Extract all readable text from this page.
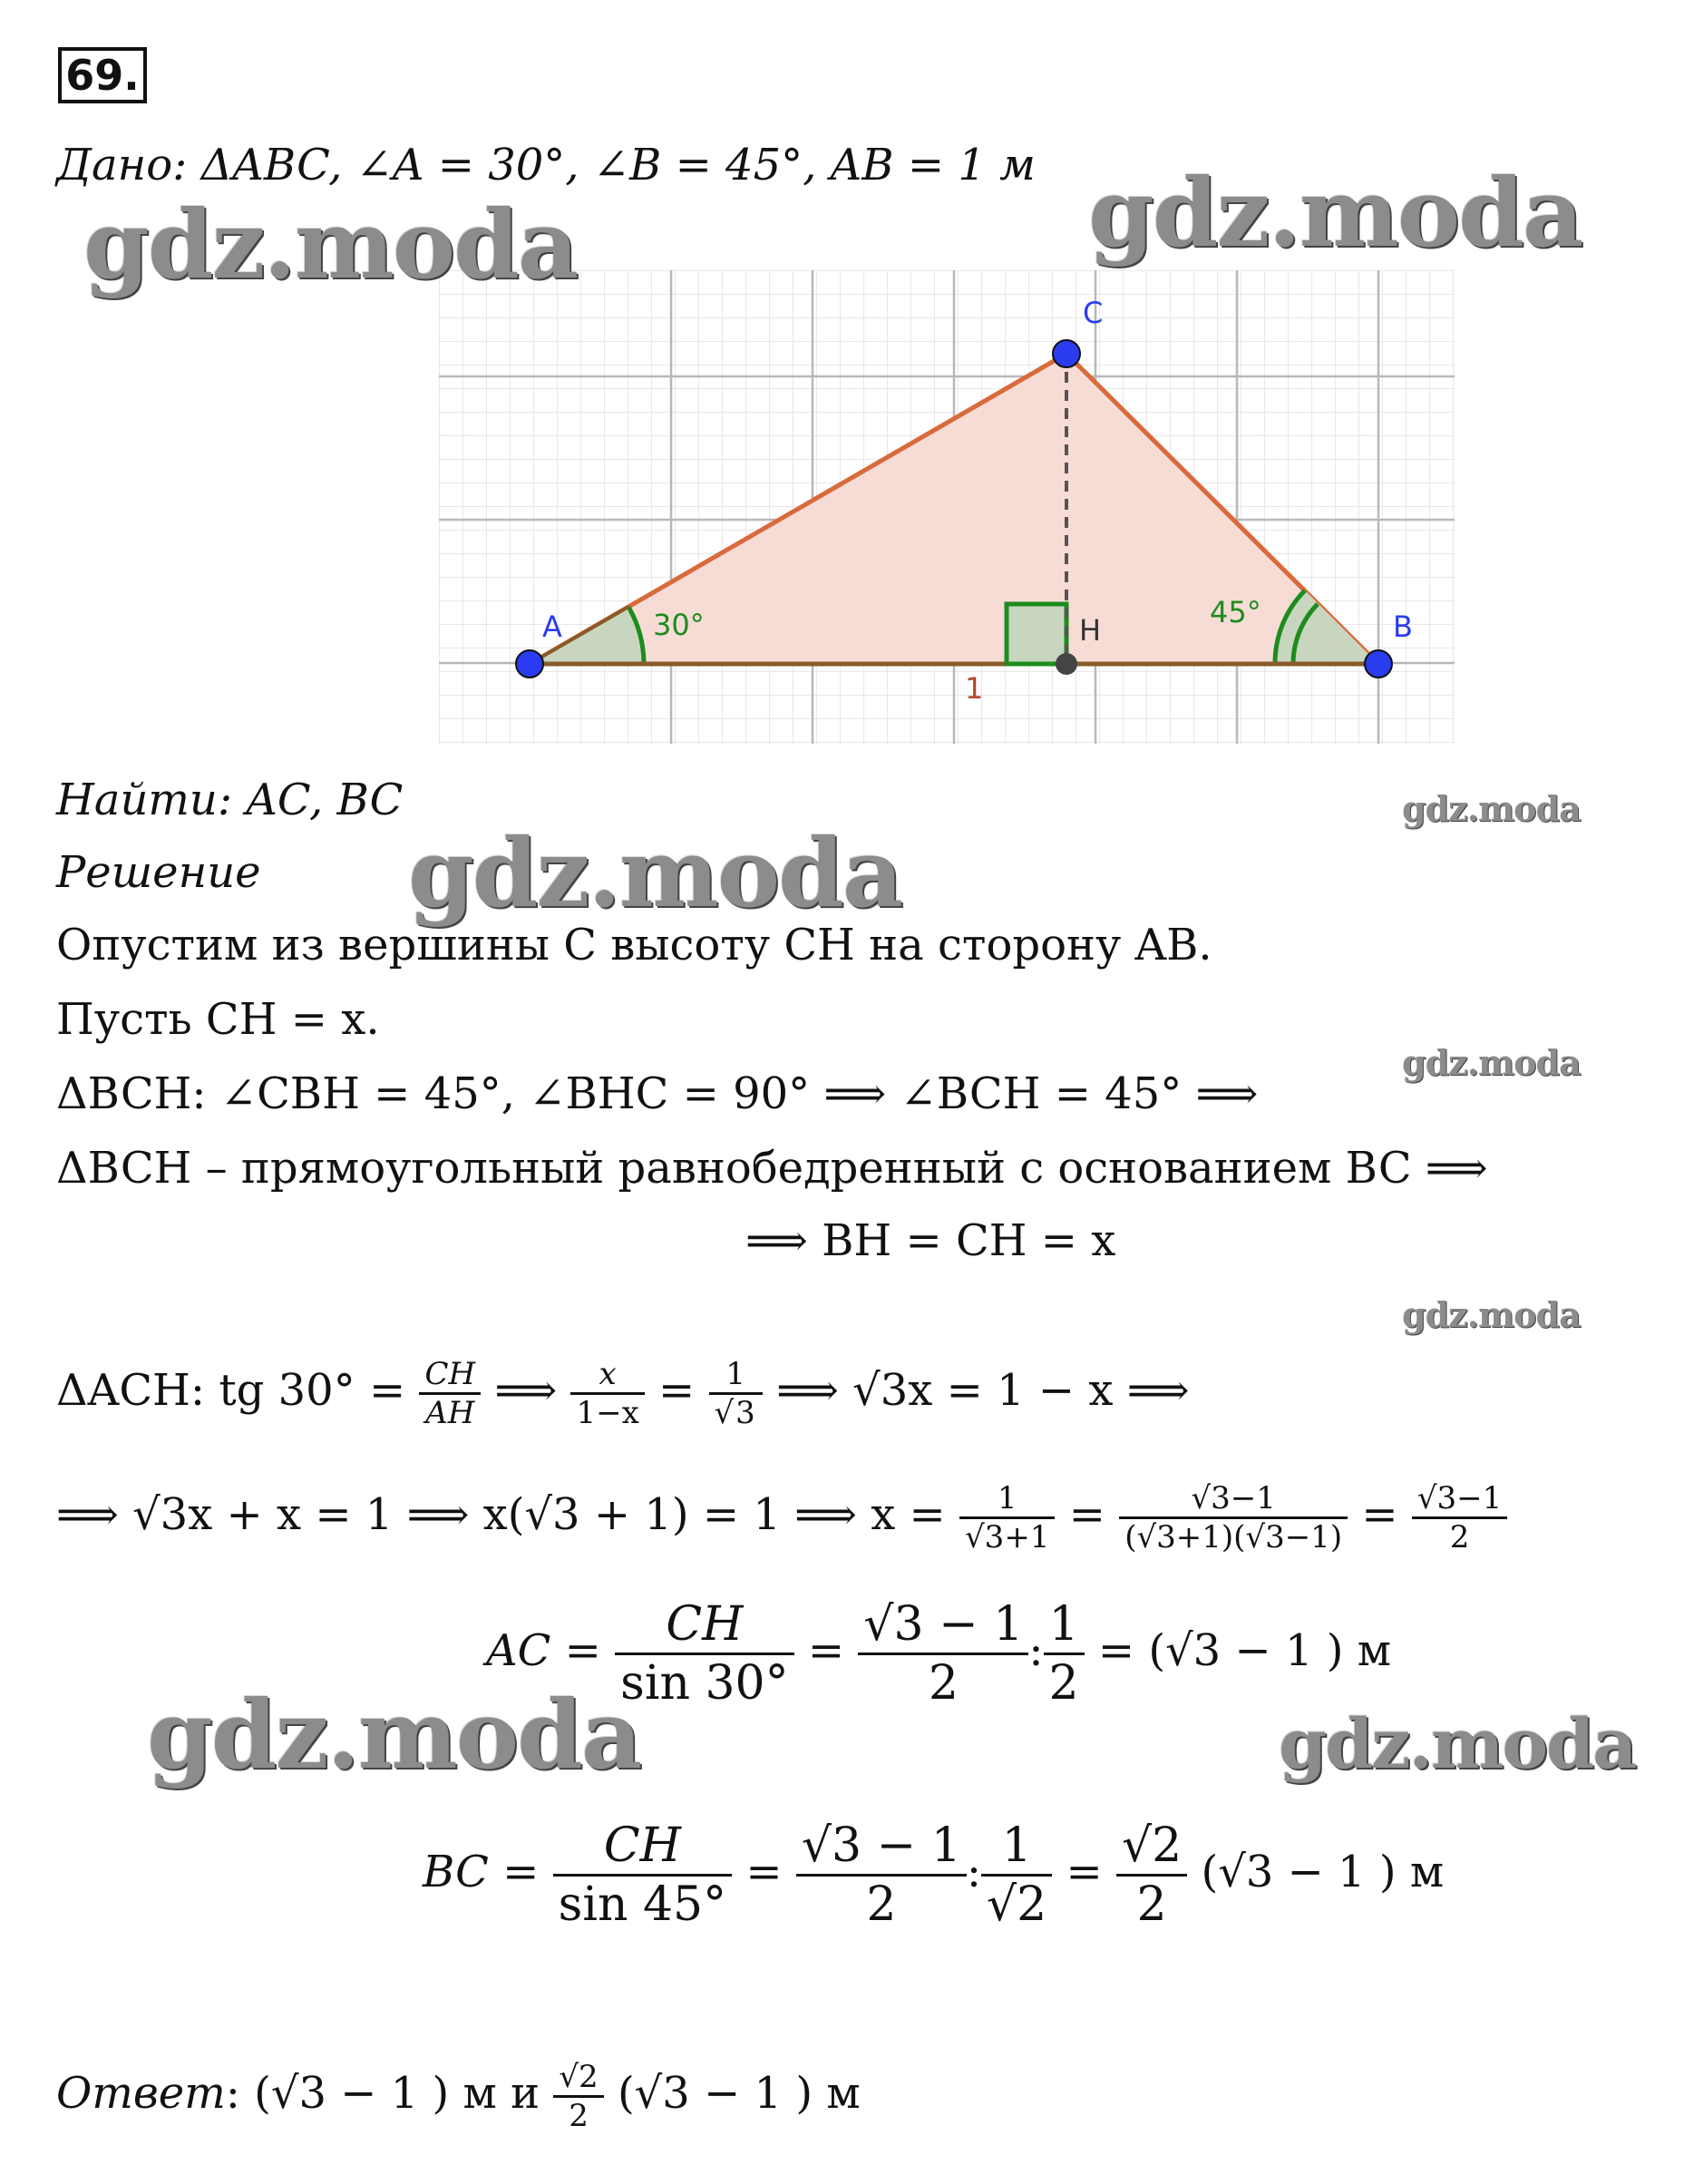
69.
Дано: ΔABC, ∠A = 30°, ∠B = 45°, AB = 1 м
A	B
C
H
30°	45°
1
Найти: AC, BC
Решение
Опустим из вершины C высоту CH на сторону AB.
Пусть CH = x.
ΔBCH: ∠CBH = 45°, ∠BHC = 90° ⟹ ∠BCH = 45° ⟹
ΔBCH – прямоугольный равнобедренный с основанием BC ⟹
⟹ BH = CH = x
ΔACH: tg $30^\circ = \frac{CH}{AH}$ ⟹ $\frac{x}{1-x} = \frac{1}{√3}$ ⟹ √3x = 1 − x ⟹
⟹ √3x + x = 1 ⟹ x(√3 + 1) = 1 ⟹ $x = \frac{1}{√3+1} = \frac{√3-1}{(√3+1)(√3-1)} = \frac{√3-1}{2}$
AC = $\frac{CH}{\sin 30^\circ} = \frac{√3 - 1}{2}$ : $\frac{1}{2} = (√3 - 1$ ) м
BC = $\frac{CH}{\sin 45^\circ} = \frac{√3 - 1}{2}$ : $\frac{1}{√2} = \frac{√2}{2} (√3 - 1$ ) м
Ответ: (√3 − 1 ) м и $\frac{√2}{2} (√3 - 1$ ) м
gdz.moda	gdz.moda
gdz.moda
gdz.moda	gdz.moda
gdz.moda
gdz.moda
gdz.moda
